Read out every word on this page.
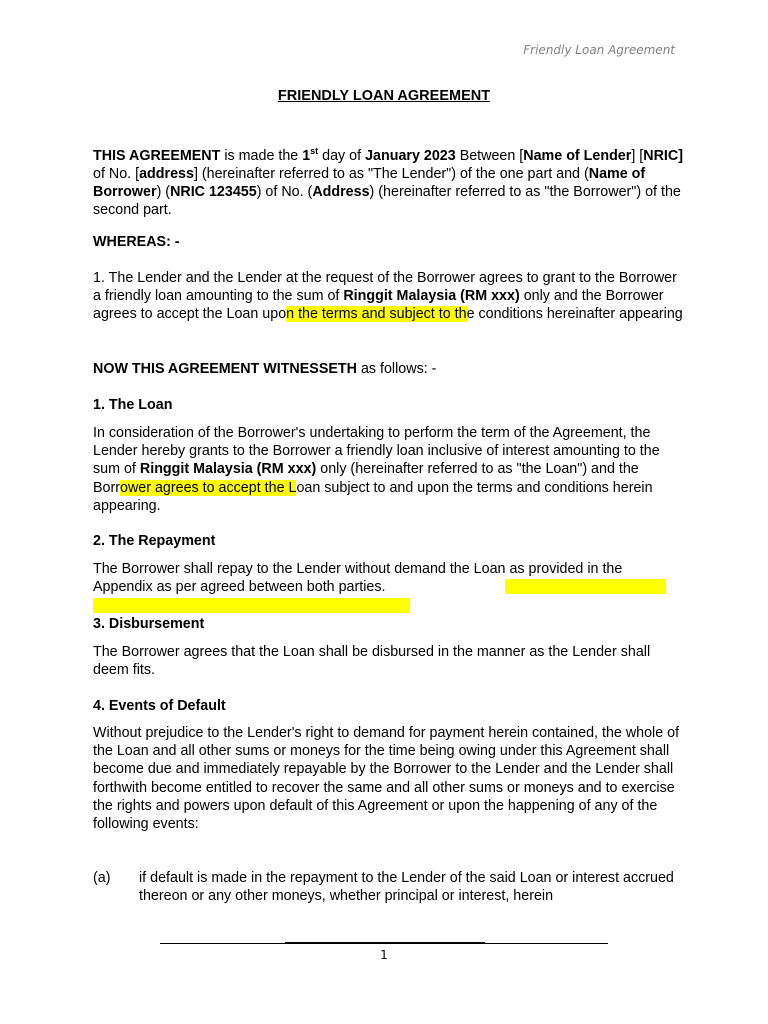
Friendly Loan Agreement
FRIENDLY LOAN AGREEMENT
THIS AGREEMENT is made the 1st day of January 2023 Between [Name of Lender] [NRIC] of No. [address] (hereinafter referred to as "The Lender") of the one part and (Name of Borrower) (NRIC 123455) of No. (Address) (hereinafter referred to as "the Borrower") of the second part.
WHEREAS: -
1. The Lender and the Lender at the request of the Borrower agrees to grant to the Borrower a friendly loan amounting to the sum of Ringgit Malaysia (RM xxx) only and the Borrower agrees to accept the Loan upon the terms and subject to the conditions hereinafter appearing
NOW THIS AGREEMENT WITNESSETH as follows: -
1. The Loan
In consideration of the Borrower's undertaking to perform the term of the Agreement, the Lender hereby grants to the Borrower a friendly loan inclusive of interest amounting to the sum of Ringgit Malaysia (RM xxx) only (hereinafter referred to as "the Loan") and the Borrower agrees to accept the Loan subject to and upon the terms and conditions herein appearing.
2. The Repayment
The Borrower shall repay to the Lender without demand the Loan as provided in the Appendix as per agreed between both parties.
3. Disbursement
The Borrower agrees that the Loan shall be disbursed in the manner as the Lender shall deem fits.
4. Events of Default
Without prejudice to the Lender's right to demand for payment herein contained, the whole of the Loan and all other sums or moneys for the time being owing under this Agreement shall become due and immediately repayable by the Borrower to the Lender and the Lender shall forthwith become entitled to recover the same and all other sums or moneys and to exercise the rights and powers upon default of this Agreement or upon the happening of any of the following events:
(a) if default is made in the repayment to the Lender of the said Loan or interest accrued thereon or any other moneys, whether principal or interest, herein
1
